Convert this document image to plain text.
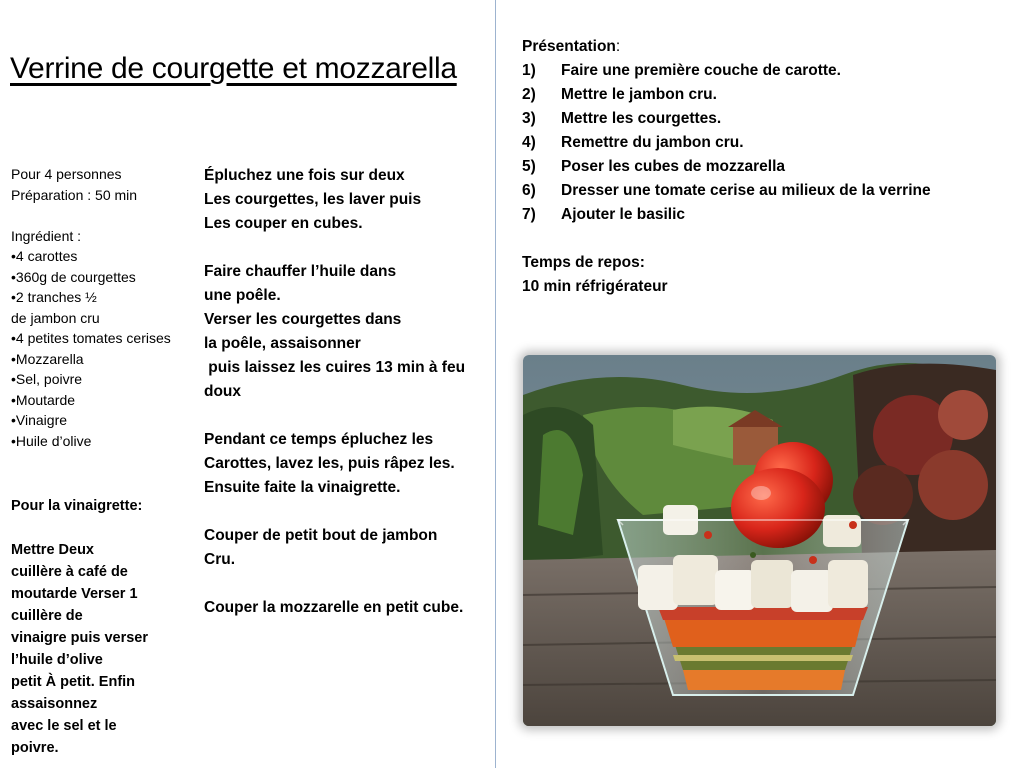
Verrine de courgette et mozzarella
Pour 4 personnes
Préparation : 50 min
Ingrédient :
•4 carottes
•360g de courgettes
•2 tranches ½
de jambon cru
•4 petites tomates cerises
•Mozzarella
•Sel, poivre
•Moutarde
•Vinaigre
•Huile d’olive
Pour la vinaigrette:
Mettre Deux
cuillère à café de
moutarde Verser 1
cuillère de
vinaigre puis verser
l’huile d’olive
petit À petit. Enfin
assaisonnez
avec le sel et le
poivre.
Épluchez une fois sur deux
Les courgettes, les laver puis
Les couper en cubes.
Faire chauffer l’huile dans
une poêle.
Verser les courgettes dans
la poêle, assaisonner
puis laissez les cuires 13 min à feu
doux
Pendant ce temps épluchez les
Carottes, lavez les, puis râpez les.
Ensuite faite la vinaigrette.
Couper de petit bout de jambon
Cru.
Couper la mozzarelle en petit cube.
Présentation:
1)	Faire une première couche de carotte.
2)	Mettre le jambon cru.
3)	Mettre les courgettes.
4)	Remettre du jambon cru.
5)	Poser les cubes de mozzarella
6)	Dresser une tomate cerise au milieux de la verrine
7)	Ajouter le basilic
Temps de repos:
10 min réfrigérateur
